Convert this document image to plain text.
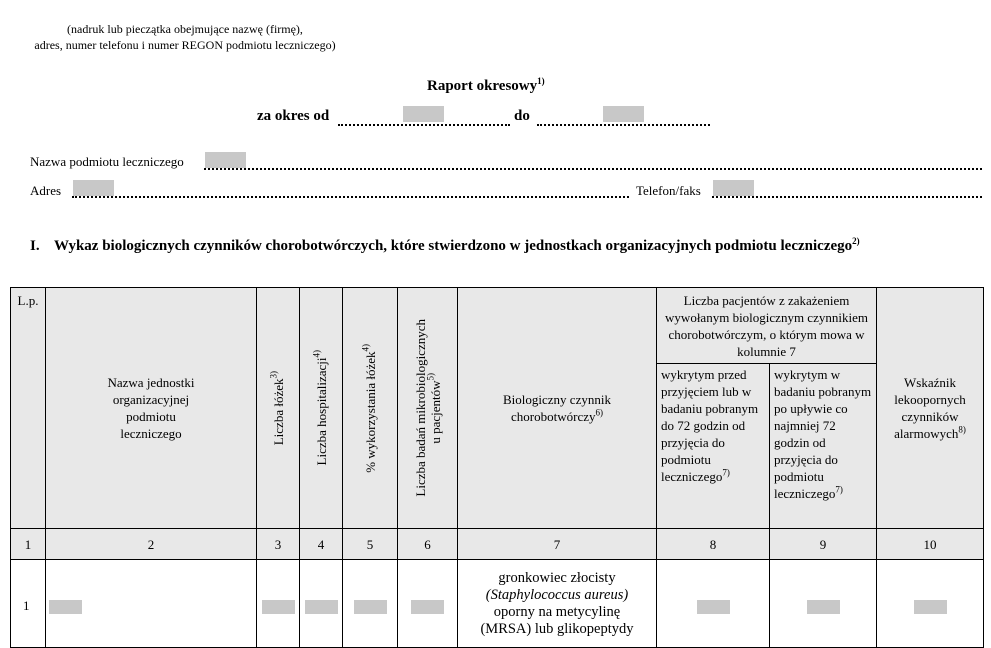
(nadruk lub pieczątka obejmujące nazwę (firmę),
adres, numer telefonu i numer REGON podmiotu leczniczego)
Raport okresowy$^{1)}$
za okres od	do
Nazwa podmiotu leczniczego
Adres	Telefon/faks
I. Wykaz biologicznych czynników chorobotwórczych, które stwierdzono w jednostkach organizacyjnych podmiotu leczniczego$^{2)}$
L.p.	Nazwa jednostki organizacyjnej podmiotu leczniczego	Liczba łóżek$^{3)}$	Liczba hospitalizacji$^{4)}$	% wykorzystania łóżek$^{4)}$	Liczba badań mikrobiologicznych
u pacjentów$^{5)}$	Biologiczny czynnik chorobotwórczy$^{6)}$	Liczba pacjentów z zakażeniem wywołanym biologicznym czynnikiem chorobotwórczym, o którym mowa w kolumnie 7		Wskaźnik lekoopornych czynników alarmowych$^{8)}$
							wykrytym przed przyjęciem lub w badaniu pobranym do 72 godzin od przyjęcia do podmiotu leczniczego$^{7)}$	wykrytym w badaniu pobranym po upływie co najmniej 72 godzin od przyjęcia do podmiotu leczniczego$^{7)}$
1	2	3	4	5	6	7	8	9	10
1						gronkowiec złocisty
(Staphylococcus aureus)
oporny na metycylinę
(MRSA) lub glikopeptydy			
